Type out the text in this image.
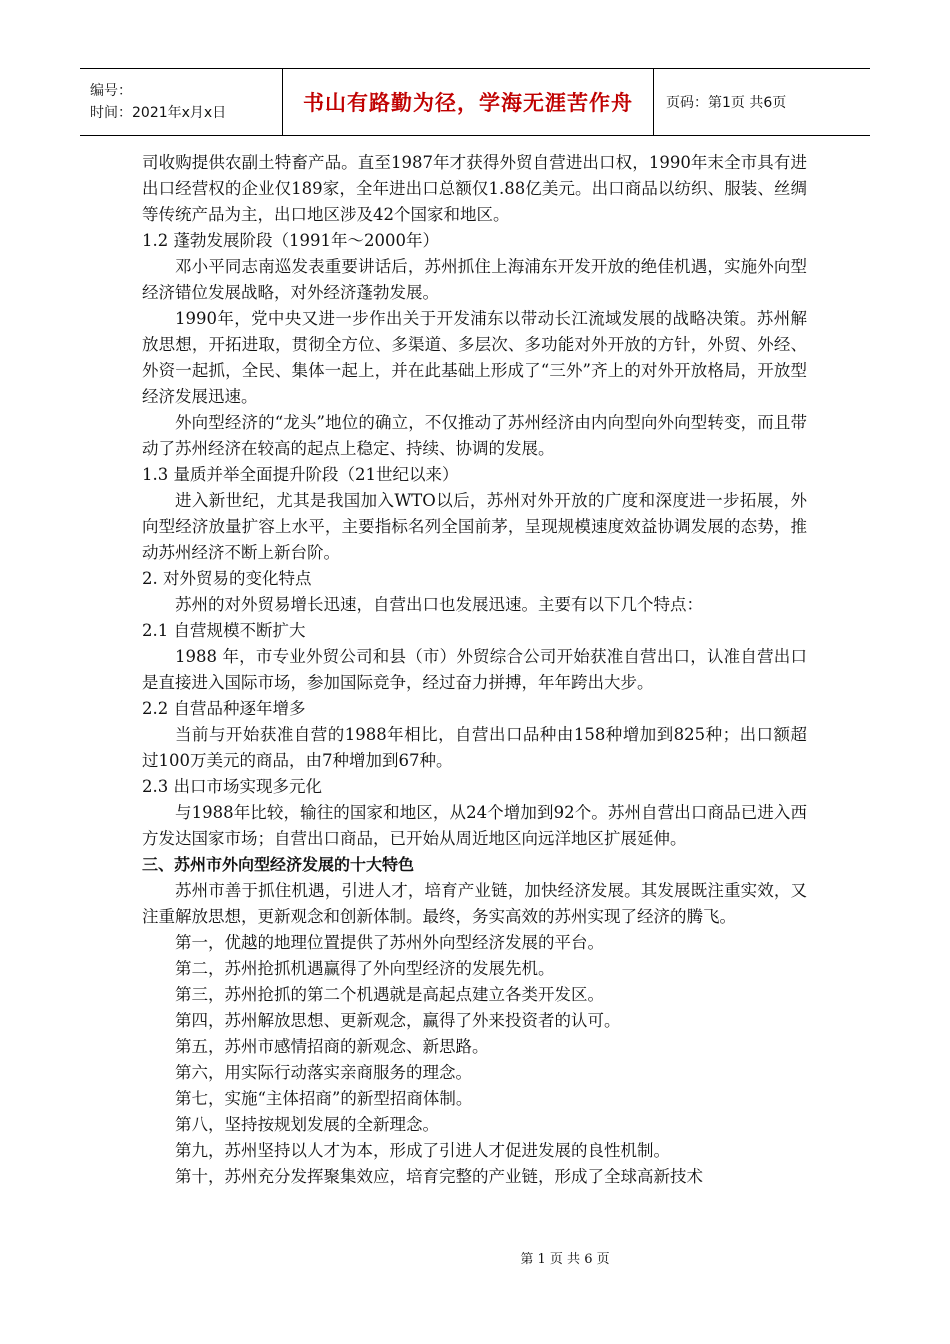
编号：
时间：2021年x月x日	书山有路勤为径，学海无涯苦作舟 页码：第1页 共6页

司收购提供农副土特畜产品。直至1987年才获得外贸自营进出口权，1990年末全市具有进出口经营权的企业仅189家，全年进出口总额仅1.88亿美元。出口商品以纺织、服装、丝绸等传统产品为主，出口地区涉及42个国家和地区。

1.2 蓬勃发展阶段（1991年～2000年）

邓小平同志南巡发表重要讲话后，苏州抓住上海浦东开发开放的绝佳机遇，实施外向型经济错位发展战略，对外经济蓬勃发展。

1990年，党中央又进一步作出关于开发浦东以带动长江流域发展的战略决策。苏州解放思想，开拓进取，贯彻全方位、多渠道、多层次、多功能对外开放的方针，外贸、外经、外资一起抓，全民、集体一起上，并在此基础上形成了“三外”齐上的对外开放格局，开放型经济发展迅速。

外向型经济的“龙头”地位的确立，不仅推动了苏州经济由内向型向外向型转变，而且带动了苏州经济在较高的起点上稳定、持续、协调的发展。

1.3 量质并举全面提升阶段（21世纪以来）

进入新世纪，尤其是我国加入WTO以后，苏州对外开放的广度和深度进一步拓展，外向型经济放量扩容上水平，主要指标名列全国前茅，呈现规模速度效益协调发展的态势，推动苏州经济不断上新台阶。

2. 对外贸易的变化特点

苏州的对外贸易增长迅速，自营出口也发展迅速。主要有以下几个特点：

2.1 自营规模不断扩大

1988 年，市专业外贸公司和县（市）外贸综合公司开始获准自营出口，认准自营出口是直接进入国际市场，参加国际竞争，经过奋力拼搏，年年跨出大步。

2.2 自营品种逐年增多

当前与开始获准自营的1988年相比，自营出口品种由158种增加到825种；出口额超过100万美元的商品，由7种增加到67种。

2.3 出口市场实现多元化

与1988年比较，输往的国家和地区，从24个增加到92个。苏州自营出口商品已进入西方发达国家市场；自营出口商品，已开始从周近地区向远洋地区扩展延伸。

三、苏州市外向型经济发展的十大特色

苏州市善于抓住机遇，引进人才，培育产业链，加快经济发展。其发展既注重实效，又注重解放思想，更新观念和创新体制。最终，务实高效的苏州实现了经济的腾飞。

第一，优越的地理位置提供了苏州外向型经济发展的平台。

第二，苏州抢抓机遇赢得了外向型经济的发展先机。

第三，苏州抢抓的第二个机遇就是高起点建立各类开发区。

第四，苏州解放思想、更新观念，赢得了外来投资者的认可。

第五，苏州市感情招商的新观念、新思路。

第六，用实际行动落实亲商服务的理念。

第七，实施“主体招商”的新型招商体制。

第八，坚持按规划发展的全新理念。

第九，苏州坚持以人才为本，形成了引进人才促进发展的良性机制。

第十，苏州充分发挥聚集效应，培育完整的产业链，形成了全球高新技术

第 1 页 共 6 页
